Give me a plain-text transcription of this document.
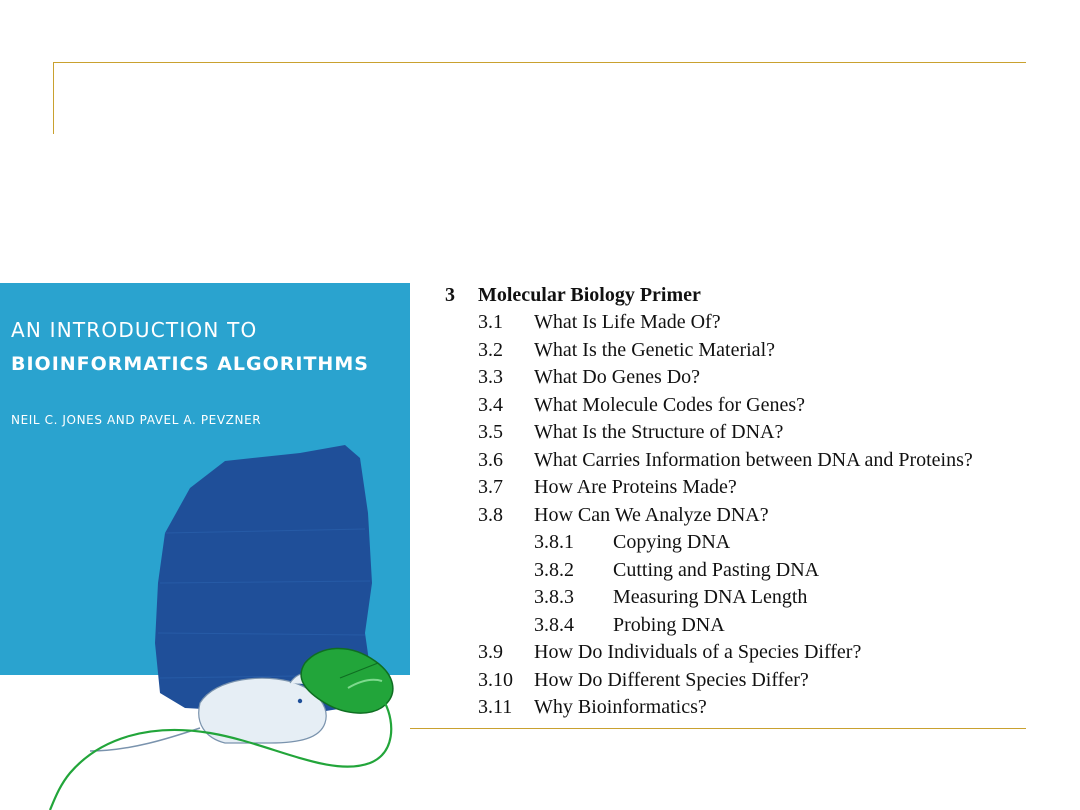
AN INTRODUCTION TO
BIOINFORMATICS ALGORITHMS
NEIL C. JONES AND PAVEL A. PEVZNER
3 Molecular Biology Primer
3.1 What Is Life Made Of?
3.2 What Is the Genetic Material?
3.3 What Do Genes Do?
3.4 What Molecule Codes for Genes?
3.5 What Is the Structure of DNA?
3.6 What Carries Information between DNA and Proteins?
3.7 How Are Proteins Made?
3.8 How Can We Analyze DNA?
3.8.1 Copying DNA
3.8.2 Cutting and Pasting DNA
3.8.3 Measuring DNA Length
3.8.4 Probing DNA
3.9 How Do Individuals of a Species Differ?
3.10 How Do Different Species Differ?
3.11 Why Bioinformatics?
